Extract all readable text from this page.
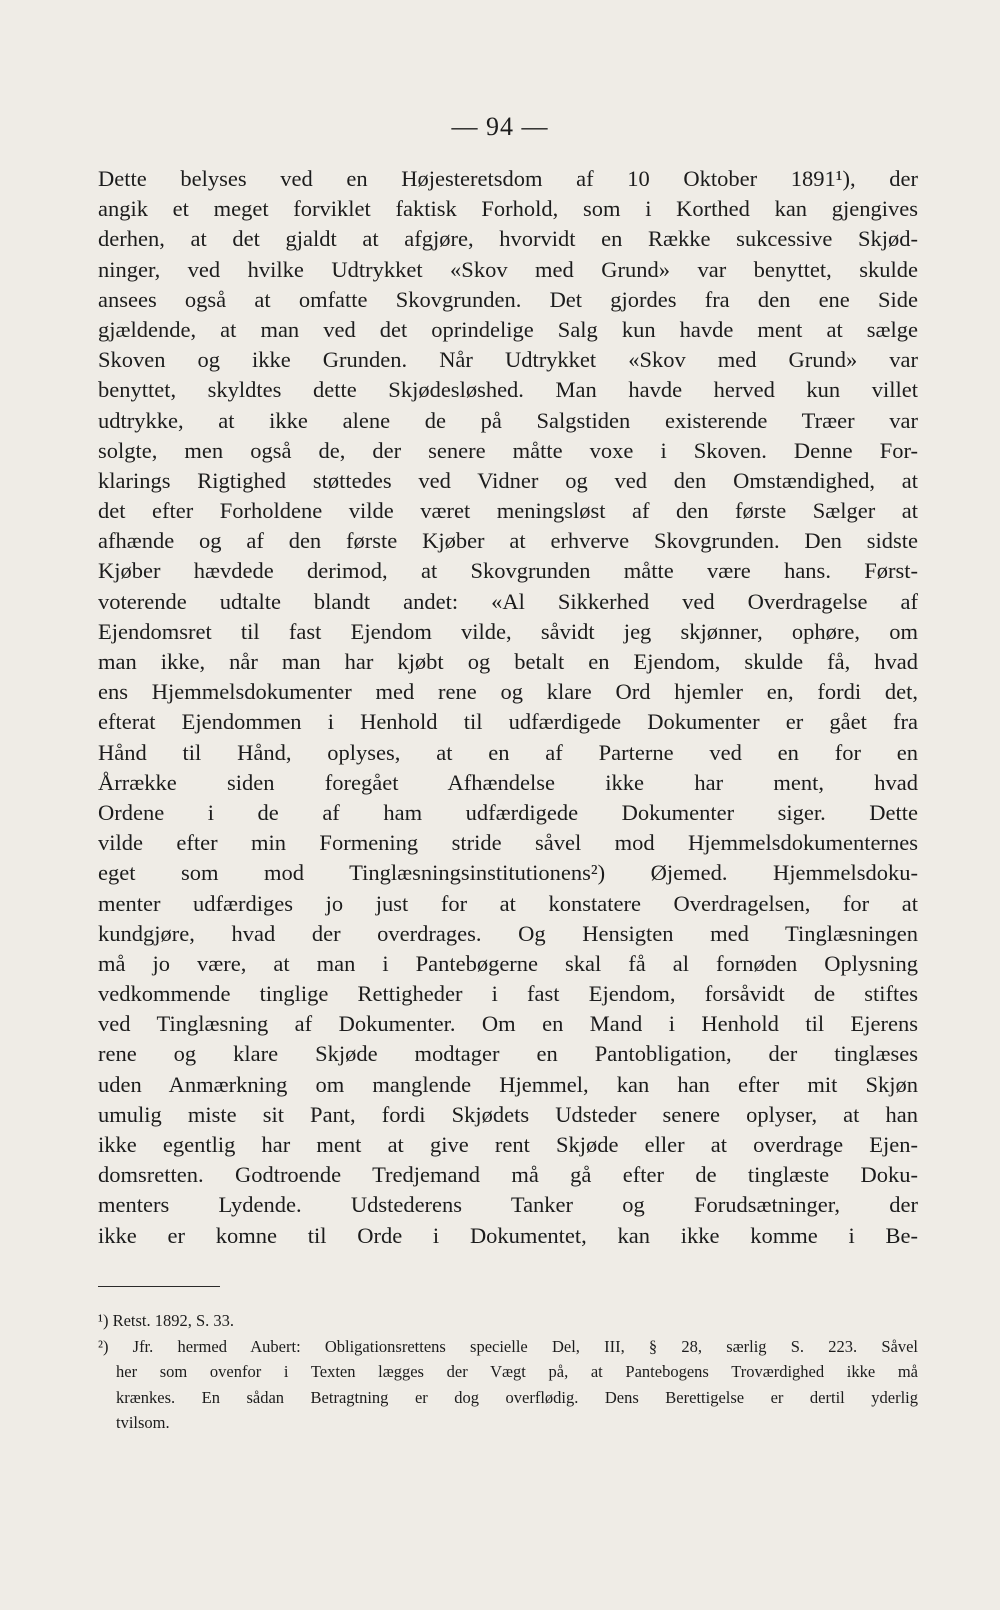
— 94 —
Dette belyses ved en Højesteretsdom af 10 Oktober 1891¹), der
angik et meget forviklet faktisk Forhold, som i Korthed kan gjengives
derhen, at det gjaldt at afgjøre, hvorvidt en Række sukcessive Skjød-
ninger, ved hvilke Udtrykket «Skov med Grund» var benyttet, skulde
ansees også at omfatte Skovgrunden. Det gjordes fra den ene Side
gjældende, at man ved det oprindelige Salg kun havde ment at sælge
Skoven og ikke Grunden. Når Udtrykket «Skov med Grund» var
benyttet, skyldtes dette Skjødesløshed. Man havde herved kun villet
udtrykke, at ikke alene de på Salgstiden existerende Træer var
solgte, men også de, der senere måtte voxe i Skoven. Denne For-
klarings Rigtighed støttedes ved Vidner og ved den Omstændighed, at
det efter Forholdene vilde været meningsløst af den første Sælger at
afhænde og af den første Kjøber at erhverve Skovgrunden. Den sidste
Kjøber hævdede derimod, at Skovgrunden måtte være hans. Først-
voterende udtalte blandt andet: «Al Sikkerhed ved Overdragelse af
Ejendomsret til fast Ejendom vilde, såvidt jeg skjønner, ophøre, om
man ikke, når man har kjøbt og betalt en Ejendom, skulde få, hvad
ens Hjemmelsdokumenter med rene og klare Ord hjemler en, fordi det,
efterat Ejendommen i Henhold til udfærdigede Dokumenter er gået fra
Hånd til Hånd, oplyses, at en af Parterne ved en for en
Årrække siden foregået Afhændelse ikke har ment, hvad
Ordene i de af ham udfærdigede Dokumenter siger. Dette
vilde efter min Formening stride såvel mod Hjemmelsdokumenternes
eget som mod Tinglæsningsinstitutionens²) Øjemed. Hjemmelsdoku-
menter udfærdiges jo just for at konstatere Overdragelsen, for at
kundgjøre, hvad der overdrages. Og Hensigten med Tinglæsningen
må jo være, at man i Pantebøgerne skal få al fornøden Oplysning
vedkommende tinglige Rettigheder i fast Ejendom, forsåvidt de stiftes
ved Tinglæsning af Dokumenter. Om en Mand i Henhold til Ejerens
rene og klare Skjøde modtager en Pantobligation, der tinglæses
uden Anmærkning om manglende Hjemmel, kan han efter mit Skjøn
umulig miste sit Pant, fordi Skjødets Udsteder senere oplyser, at han
ikke egentlig har ment at give rent Skjøde eller at overdrage Ejen-
domsretten. Godtroende Tredjemand må gå efter de tinglæste Doku-
menters Lydende. Udstederens Tanker og Forudsætninger, der
ikke er komne til Orde i Dokumentet, kan ikke komme i Be-
¹) Retst. 1892, S. 33.
²) Jfr. hermed Aubert: Obligationsrettens specielle Del, III, § 28, særlig S. 223. Såvel
her som ovenfor i Texten lægges der Vægt på, at Pantebogens Troværdighed ikke må
krænkes. En sådan Betragtning er dog overflødig. Dens Berettigelse er dertil yderlig
tvilsom.
